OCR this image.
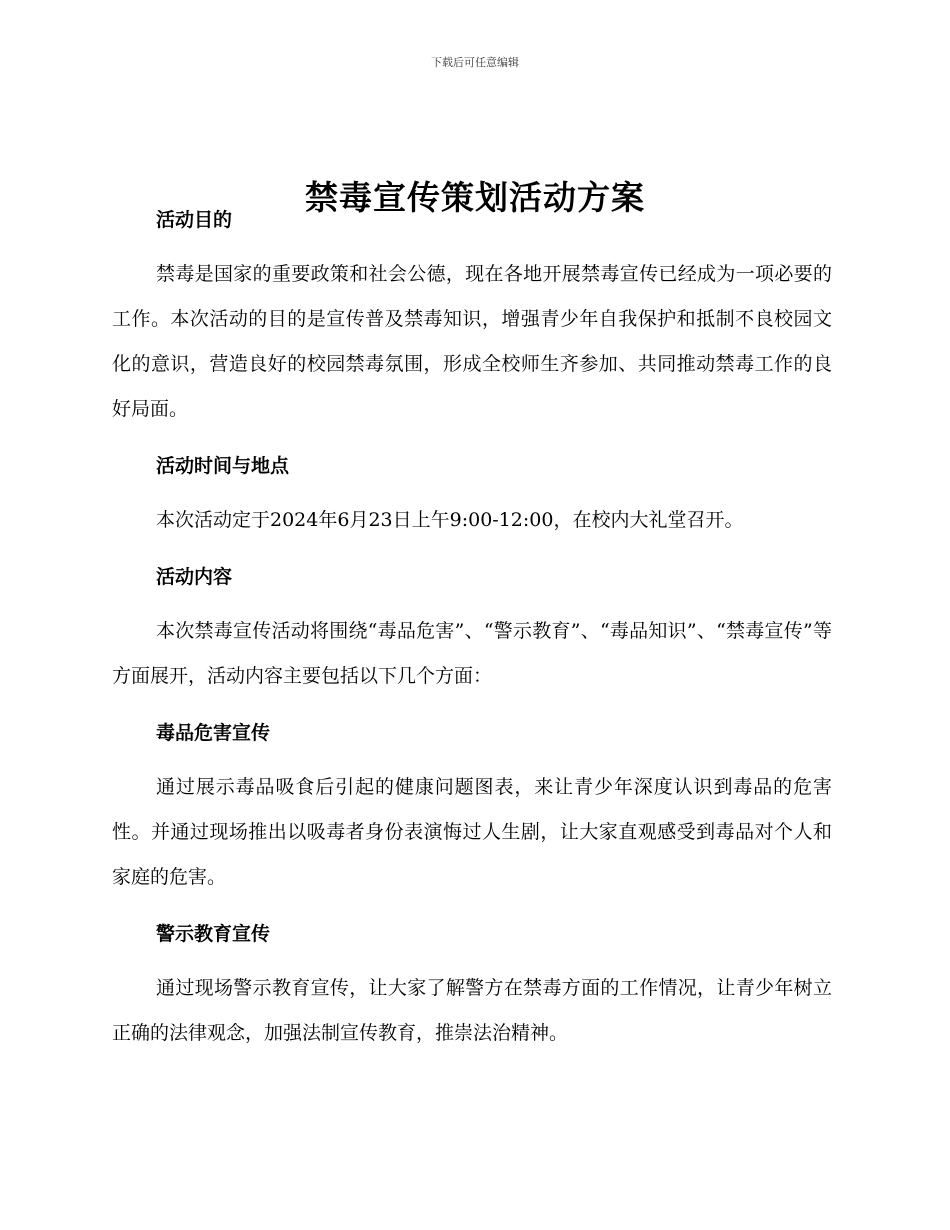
下载后可任意编辑
禁毒宣传策划活动方案
活动目的

禁毒是国家的重要政策和社会公德，现在各地开展禁毒宣传已经成为一项必要的工作。本次活动的目的是宣传普及禁毒知识，增强青少年自我保护和抵制不良校园文化的意识，营造良好的校园禁毒氛围，形成全校师生齐参加、共同推动禁毒工作的良好局面。

活动时间与地点

本次活动定于2024年6月23日上午9:00-12:00，在校内大礼堂召开。

活动内容

本次禁毒宣传活动将围绕“毒品危害”、“警示教育”、“毒品知识”、“禁毒宣传”等方面展开，活动内容主要包括以下几个方面：

毒品危害宣传

通过展示毒品吸食后引起的健康问题图表，来让青少年深度认识到毒品的危害性。并通过现场推出以吸毒者身份表演悔过人生剧，让大家直观感受到毒品对个人和家庭的危害。

警示教育宣传

通过现场警示教育宣传，让大家了解警方在禁毒方面的工作情况，让青少年树立正确的法律观念，加强法制宣传教育，推崇法治精神。
